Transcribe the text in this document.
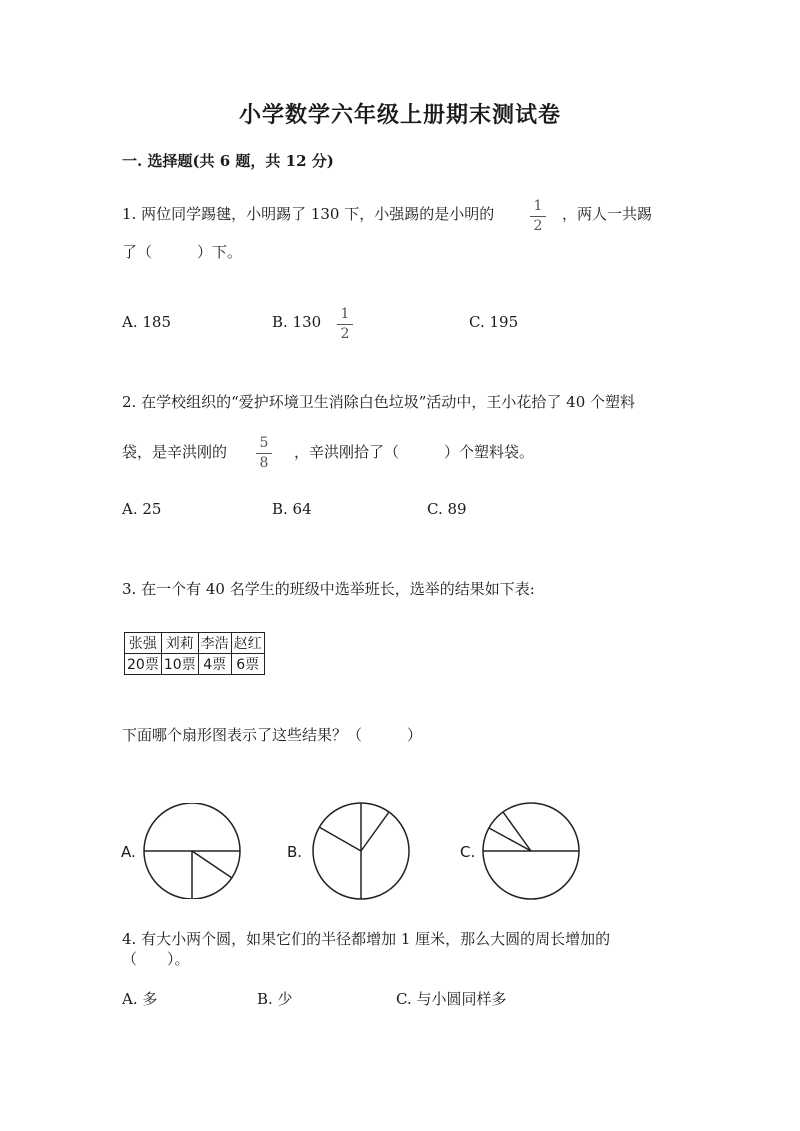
小学数学六年级上册期末测试卷
一. 选择题(共 6 题，共 12 分)
1. 两位同学踢毽，小明踢了 130 下，小强踢的是小明的	1
2
，两人一共踢
了（　　　）下。
A. 185	B. 130 1
2
C. 195
2. 在学校组织的“爱护环境卫生消除白色垃圾”活动中，王小花拾了 40 个塑料
袋，是辛洪刚的 5
8
，辛洪刚拾了（　　　）个塑料袋。
A. 25	B. 64	C. 89
3. 在一个有 40 名学生的班级中选举班长，选举的结果如下表:
张强	刘莉	李浩	赵红
20票	10票	4票	6票
下面哪个扇形图表示了这些结果？（　　　）
A.	B.	C.
4. 有大小两个圆，如果它们的半径都增加 1 厘米，那么大圆的周长增加的
（　　）。
A. 多	B. 少	C. 与小圆同样多
